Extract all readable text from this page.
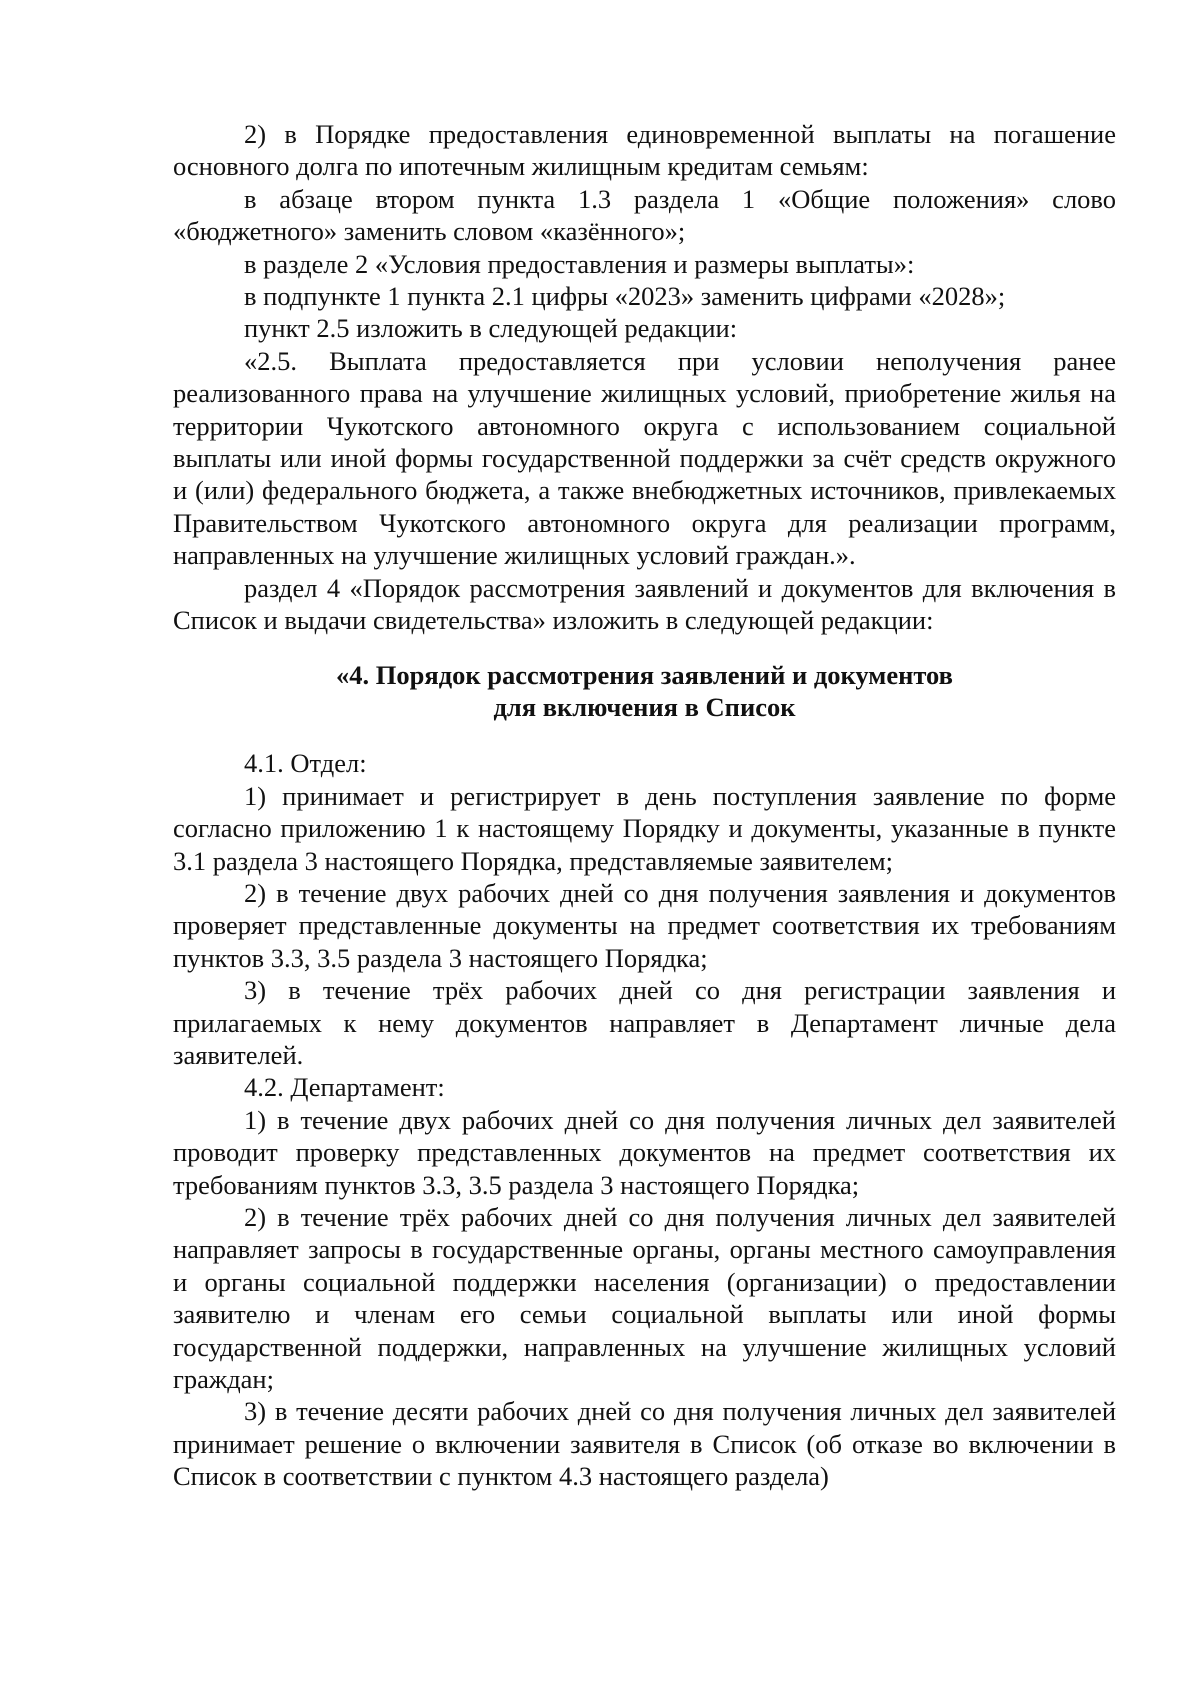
2) в Порядке предоставления единовременной выплаты на погашение основного долга по ипотечным жилищным кредитам семьям:

в абзаце втором пункта 1.3 раздела 1 «Общие положения» слово «бюджетного» заменить словом «казённого»;

в разделе 2 «Условия предоставления и размеры выплаты»:

в подпункте 1 пункта 2.1 цифры «2023» заменить цифрами «2028»;

пункт 2.5 изложить в следующей редакции:

«2.5. Выплата предоставляется при условии неполучения ранее реализованного права на улучшение жилищных условий, приобретение жилья на территории Чукотского автономного округа с использованием социальной выплаты или иной формы государственной поддержки за счёт средств окружного и (или) федерального бюджета, а также внебюджетных источников, привлекаемых Правительством Чукотского автономного округа для реализации программ, направленных на улучшение жилищных условий граждан.».

раздел 4 «Порядок рассмотрения заявлений и документов для включения в Список и выдачи свидетельства» изложить в следующей редакции:

«4. Порядок рассмотрения заявлений и документов
для включения в Список

4.1. Отдел:

1) принимает и регистрирует в день поступления заявление по форме согласно приложению 1 к настоящему Порядку и документы, указанные в пункте 3.1 раздела 3 настоящего Порядка, представляемые заявителем;

2) в течение двух рабочих дней со дня получения заявления и документов проверяет представленные документы на предмет соответствия их требованиям пунктов 3.3, 3.5 раздела 3 настоящего Порядка;

3) в течение трёх рабочих дней со дня регистрации заявления и прилагаемых к нему документов направляет в Департамент личные дела заявителей.

4.2. Департамент:

1) в течение двух рабочих дней со дня получения личных дел заявителей проводит проверку представленных документов на предмет соответствия их требованиям пунктов 3.3, 3.5 раздела 3 настоящего Порядка;

2) в течение трёх рабочих дней со дня получения личных дел заявителей направляет запросы в государственные органы, органы местного самоуправления и органы социальной поддержки населения (организации) о предоставлении заявителю и членам его семьи социальной выплаты или иной формы государственной поддержки, направленных на улучшение жилищных условий граждан;

3) в течение десяти рабочих дней со дня получения личных дел заявителей принимает решение о включении заявителя в Список (об отказе во включении в Список в соответствии с пунктом 4.3 настоящего раздела)
